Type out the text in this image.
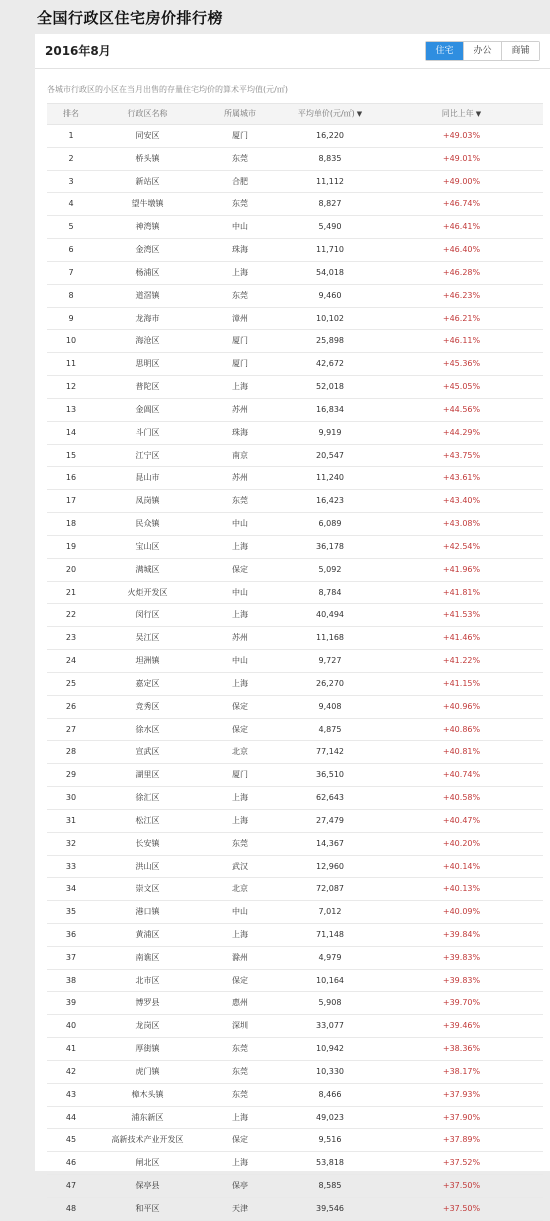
全国行政区住宅房价排行榜
2016年8月	住宅	办公	商铺
各城市行政区的小区在当月出售的存量住宅均价的算术平均值(元/㎡)
排名	行政区名称	所属城市	平均单价(元/㎡) ▼	同比上年 ▼
1	同安区	厦门	16,220	+49.03%
2	桥头镇	东莞	8,835	+49.01%
3	新站区	合肥	11,112	+49.00%
4	望牛墩镇	东莞	8,827	+46.74%
5	神湾镇	中山	5,490	+46.41%
6	金湾区	珠海	11,710	+46.40%
7	杨浦区	上海	54,018	+46.28%
8	道滘镇	东莞	9,460	+46.23%
9	龙海市	漳州	10,102	+46.21%
10	海沧区	厦门	25,898	+46.11%
11	思明区	厦门	42,672	+45.36%
12	普陀区	上海	52,018	+45.05%
13	金阊区	苏州	16,834	+44.56%
14	斗门区	珠海	9,919	+44.29%
15	江宁区	南京	20,547	+43.75%
16	昆山市	苏州	11,240	+43.61%
17	凤岗镇	东莞	16,423	+43.40%
18	民众镇	中山	6,089	+43.08%
19	宝山区	上海	36,178	+42.54%
20	满城区	保定	5,092	+41.96%
21	火炬开发区	中山	8,784	+41.81%
22	闵行区	上海	40,494	+41.53%
23	吴江区	苏州	11,168	+41.46%
24	坦洲镇	中山	9,727	+41.22%
25	嘉定区	上海	26,270	+41.15%
26	竞秀区	保定	9,408	+40.96%
27	徐水区	保定	4,875	+40.86%
28	宣武区	北京	77,142	+40.81%
29	湖里区	厦门	36,510	+40.74%
30	徐汇区	上海	62,643	+40.58%
31	松江区	上海	27,479	+40.47%
32	长安镇	东莞	14,367	+40.20%
33	洪山区	武汉	12,960	+40.14%
34	崇文区	北京	72,087	+40.13%
35	港口镇	中山	7,012	+40.09%
36	黄浦区	上海	71,148	+39.84%
37	南谯区	滁州	4,979	+39.83%
38	北市区	保定	10,164	+39.83%
39	博罗县	惠州	5,908	+39.70%
40	龙岗区	深圳	33,077	+39.46%
41	厚街镇	东莞	10,942	+38.36%
42	虎门镇	东莞	10,330	+38.17%
43	樟木头镇	东莞	8,466	+37.93%
44	浦东新区	上海	49,023	+37.90%
45	高新技术产业开发区	保定	9,516	+37.89%
46	闸北区	上海	53,818	+37.52%
47	保亭县	保亭	8,585	+37.50%
48	和平区	天津	39,546	+37.50%
